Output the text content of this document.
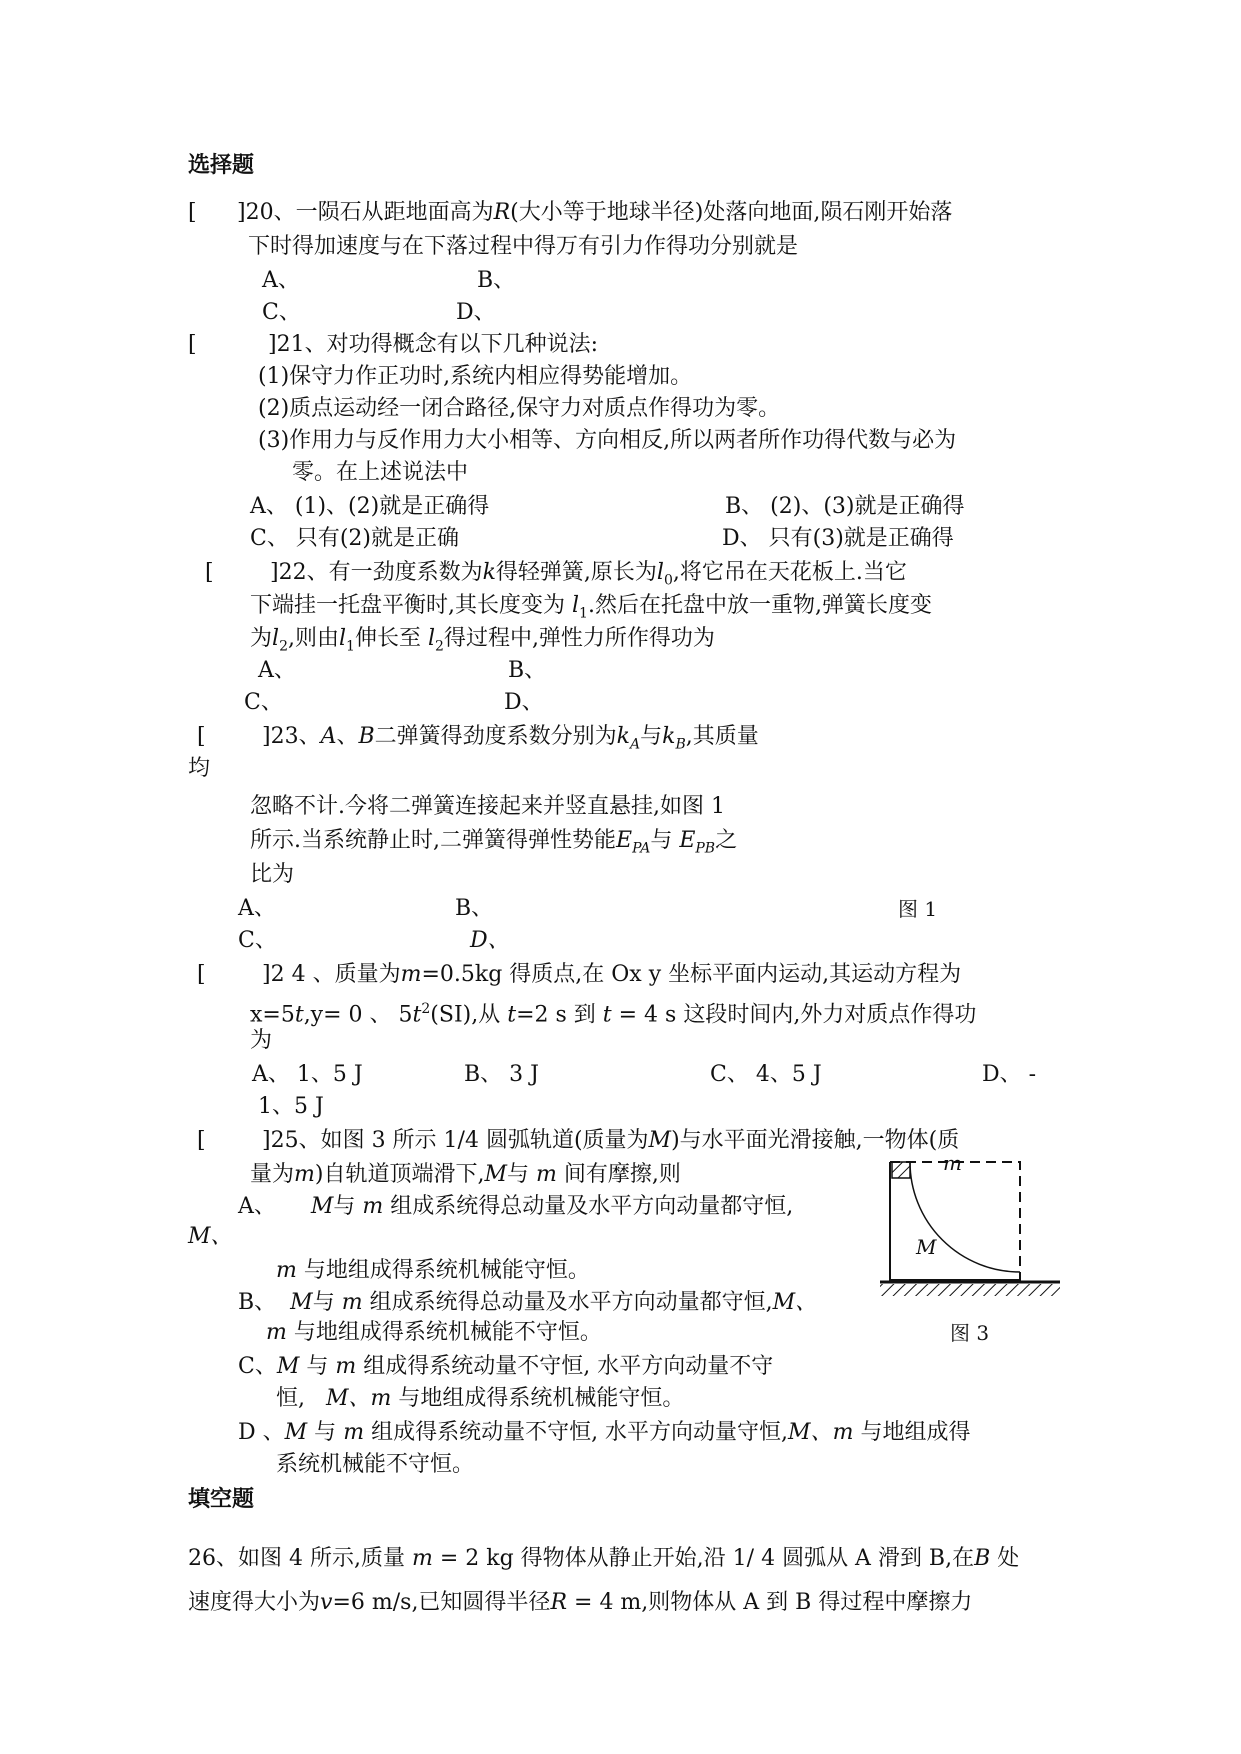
选择题
[ ]20、一陨石从距地面高为R(大小等于地球半径)处落向地面,陨石刚开始落
下时得加速度与在下落过程中得万有引力作得功分别就是
A、	B、
C、	D、
[	]21、对功得概念有以下几种说法:
(1)保守力作正功时,系统内相应得势能增加。
(2)质点运动经一闭合路径,保守力对质点作得功为零。
(3)作用力与反作用力大小相等、方向相反,所以两者所作功得代数与必为
零。在上述说法中
A、 (1)、(2)就是正确得	B、 (2)、(3)就是正确得
C、 只有(2)就是正确	D、 只有(3)就是正确得
[	]22、有一劲度系数为k得轻弹簧,原长为$l_0$,将它吊在天花板上.当它
下端挂一托盘平衡时,其长度变为 $l_1$.然后在托盘中放一重物,弹簧长度变
为$l_2$,则由$l_1$伸长至 $l_2$得过程中,弹性力所作得功为
A、	B、
C、	D、
[	]23、A、B二弹簧得劲度系数分别为$k_A$与$k_B$,其质量
均
忽略不计.今将二弹簧连接起来并竖直悬挂,如图 1
所示.当系统静止时,二弹簧得弹性势能$E_{PA}$与 $E_{PB}$之
比为
A、	B、	图 1
C、	D、
[	]2 4 、质量为m=0.5kg 得质点,在 Ox y 坐标平面内运动,其运动方程为
x=5t,y= 0 、 $5t^2(SI)$,从 t=2 s 到 t = 4 s 这段时间内,外力对质点作得功
为
A、 1、5 J	B、 3 J	C、 4、5 J	D、 -
1、5 J
[	]25、如图 3 所示 1/4 圆弧轨道(质量为M)与水平面光滑接触,一物体(质
量为m)自轨道顶端滑下,M与 m 间有摩擦,则
A、 M与 m 组成系统得总动量及水平方向动量都守恒,
M、
m 与地组成得系统机械能守恒。
B、 M与 m 组成系统得总动量及水平方向动量都守恒,M、
m 与地组成得系统机械能不守恒。
C、M 与 m 组成得系统动量不守恒, 水平方向动量不守
恒, M、m 与地组成得系统机械能守恒。
D 、M 与 m 组成得系统动量不守恒, 水平方向动量守恒,M、m 与地组成得
系统机械能不守恒。
m
M
图 3
填空题
26、如图 4 所示,质量 m = 2 kg 得物体从静止开始,沿 1/ 4 圆弧从 A 滑到 B,在B 处
速度得大小为v=6 m/s,已知圆得半径R = 4 m,则物体从 A 到 B 得过程中摩擦力
